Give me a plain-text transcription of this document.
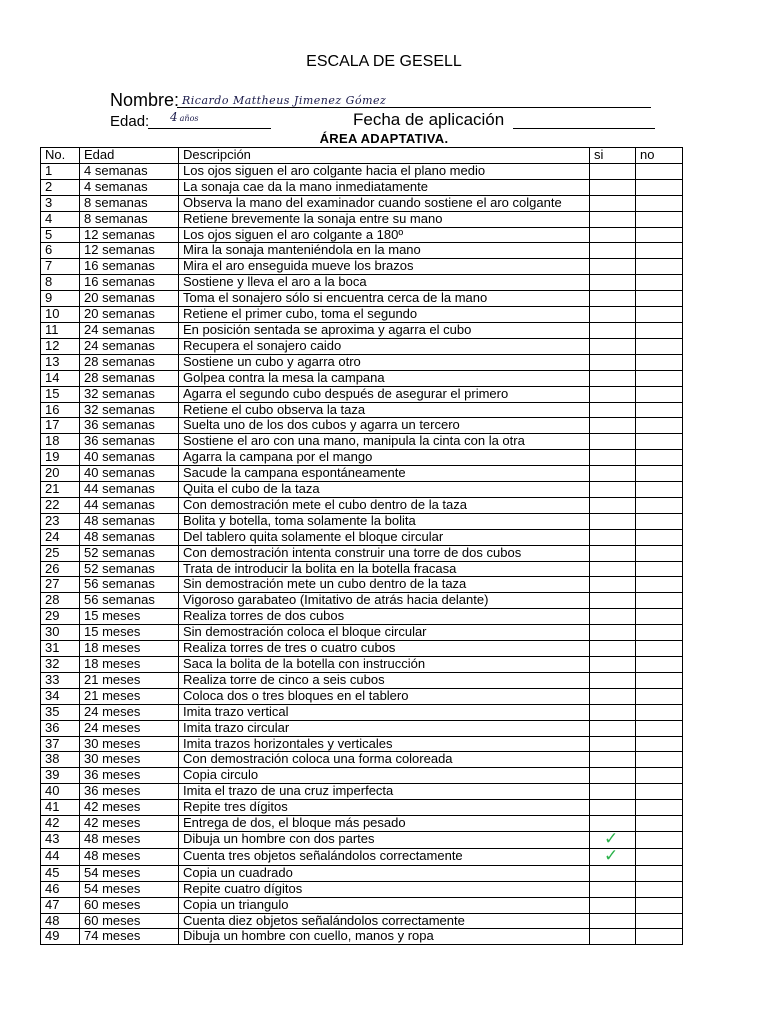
ESCALA DE GESELL
Nombre: Ricardo Mattheus Jimenez Gómez
Edad: 4 años	Fecha de aplicación
ÁREA ADAPTATIVA.
No.	Edad	Descripción	si	no
1	4 semanas	Los ojos siguen el aro colgante hacia el plano medio		
2	4 semanas	La sonaja cae da la mano inmediatamente		
3	8 semanas	Observa la mano del examinador cuando sostiene el aro colgante		
4	8 semanas	Retiene brevemente la sonaja entre su mano		
5	12 semanas	Los ojos siguen el aro colgante a 180º		
6	12 semanas	Mira la sonaja manteniéndola en la mano		
7	16 semanas	Mira el aro enseguida mueve los brazos		
8	16 semanas	Sostiene y lleva el aro a la boca		
9	20 semanas	Toma el sonajero sólo si encuentra cerca de la mano		
10	20 semanas	Retiene el primer cubo, toma el segundo		
11	24 semanas	En posición sentada se aproxima y agarra el cubo		
12	24 semanas	Recupera el sonajero caido		
13	28 semanas	Sostiene un cubo y agarra otro		
14	28 semanas	Golpea contra la mesa la campana		
15	32 semanas	Agarra el segundo cubo después de asegurar el primero		
16	32 semanas	Retiene el cubo observa la taza		
17	36 semanas	Suelta uno de los dos cubos y agarra un tercero		
18	36 semanas	Sostiene el aro con una mano, manipula la cinta con la otra		
19	40 semanas	Agarra la campana por el mango		
20	40 semanas	Sacude la campana espontáneamente		
21	44 semanas	Quita el cubo de la taza		
22	44 semanas	Con demostración mete el cubo dentro de la taza		
23	48 semanas	Bolita y botella, toma solamente la bolita		
24	48 semanas	Del tablero quita solamente el bloque circular		
25	52 semanas	Con demostración intenta construir una torre de dos cubos		
26	52 semanas	Trata de introducir la bolita en la botella fracasa		
27	56 semanas	Sin demostración mete un cubo dentro de la taza		
28	56 semanas	Vigoroso garabateo (Imitativo de atrás hacia delante)		
29	15 meses	Realiza torres de dos cubos		
30	15 meses	Sin demostración coloca el bloque circular		
31	18 meses	Realiza torres de tres o cuatro cubos		
32	18 meses	Saca la bolita de la botella con instrucción		
33	21 meses	Realiza torre de cinco a seis cubos		
34	21 meses	Coloca dos o tres bloques en el tablero		
35	24 meses	Imita trazo vertical		
36	24 meses	Imita trazo circular		
37	30 meses	Imita trazos horizontales y verticales		
38	30 meses	Con demostración coloca una forma coloreada		
39	36 meses	Copia circulo		
40	36 meses	Imita el trazo de una cruz imperfecta		
41	42 meses	Repite tres dígitos		
42	42 meses	Entrega de dos, el bloque más pesado		
43	48 meses	Dibuja un hombre con dos partes	✓	
44	48 meses	Cuenta tres objetos señalándolos correctamente	✓	
45	54 meses	Copia un cuadrado		
46	54 meses	Repite cuatro dígitos		
47	60 meses	Copia un triangulo		
48	60 meses	Cuenta diez objetos señalándolos correctamente		
49	74 meses	Dibuja un hombre con cuello, manos y ropa		
